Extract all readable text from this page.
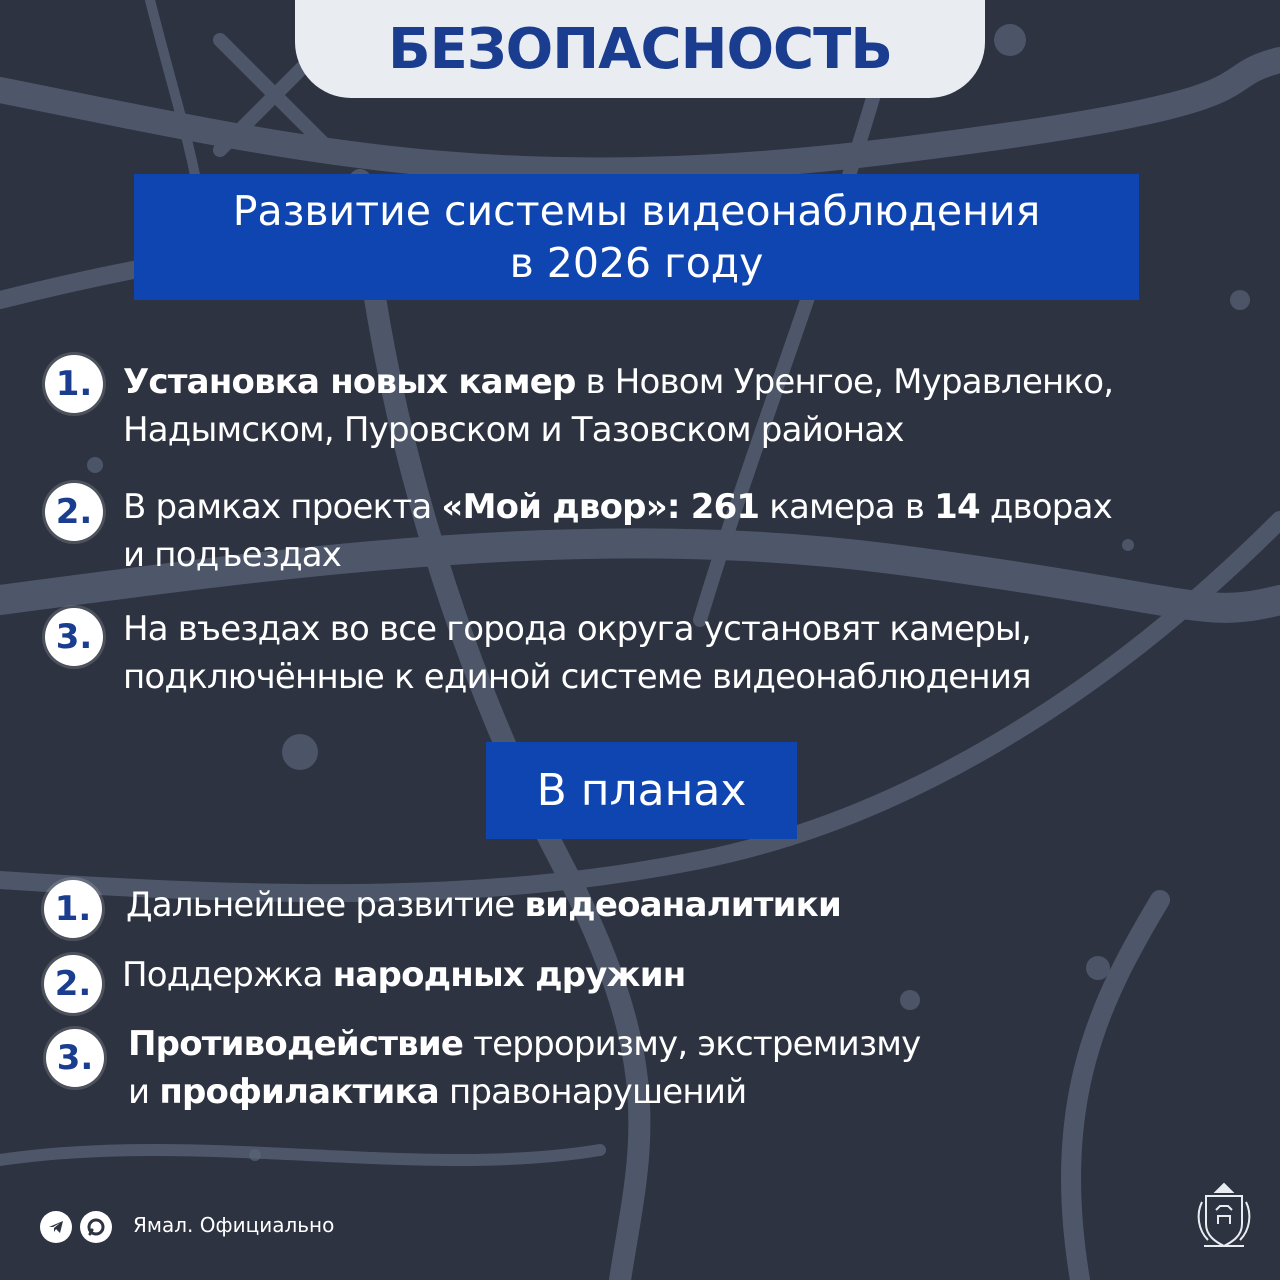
БЕЗОПАСНОСТЬ
Развитие системы видеонаблюдения
в 2026 году
1. Установка новых камер в Новом Уренгое, Муравленко,
Надымском, Пуровском и Тазовском районах
2. В рамках проекта «Мой двор»: 261 камера в 14 дворах
и подъездах
3. На въездах во все города округа установят камеры,
подключённые к единой системе видеонаблюдения
В планах
1.	Дальнейшее развитие видеоаналитики
2. Поддержка народных дружин
3.	Противодействие терроризму, экстремизму
и профилактика правонарушений
Ямал. Официально
